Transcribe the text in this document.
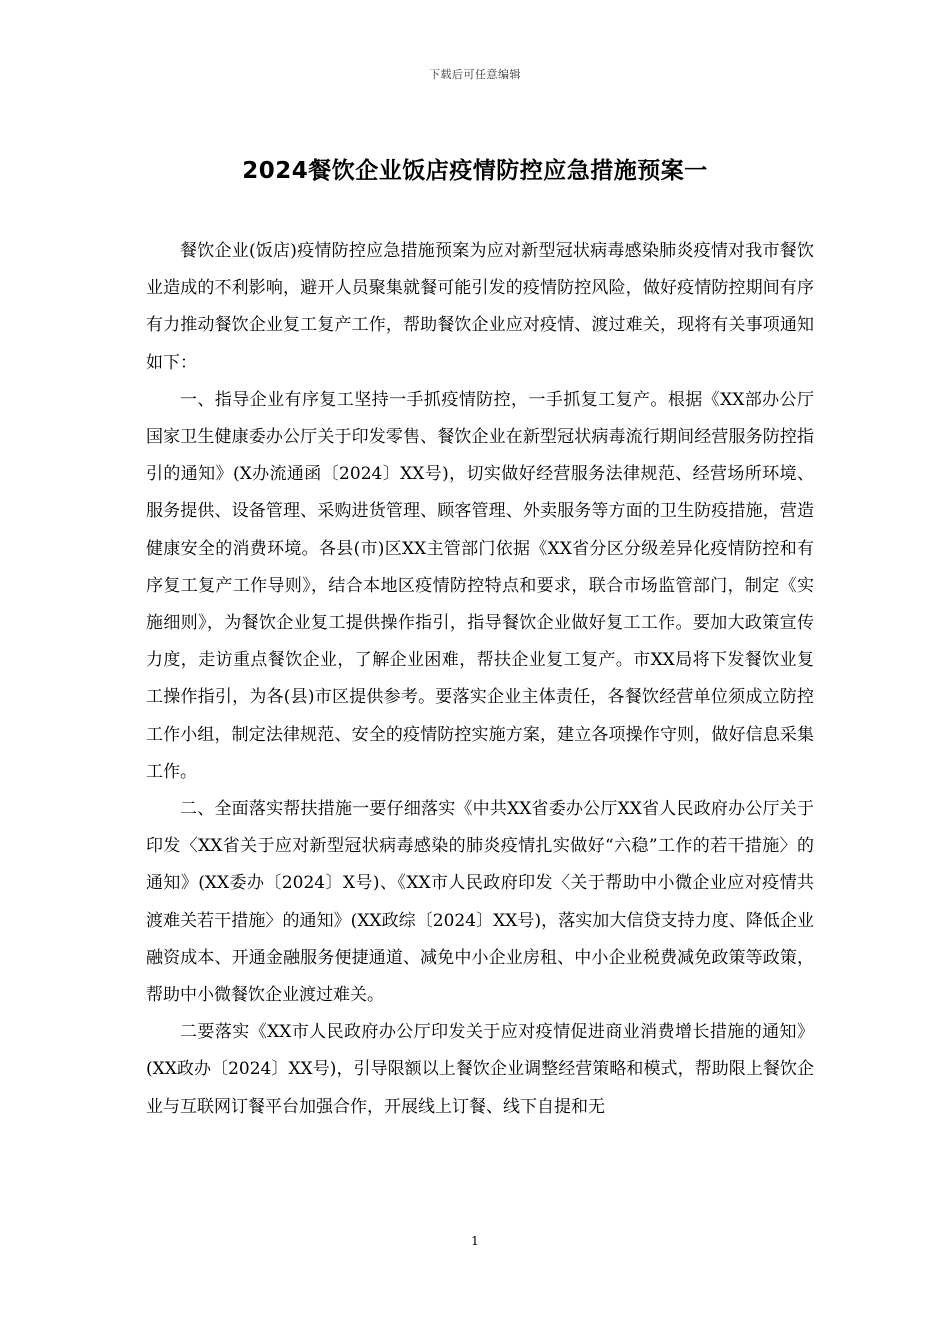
下载后可任意编辑
2024餐饮企业饭店疫情防控应急措施预案一

餐饮企业(饭店)疫情防控应急措施预案为应对新型冠状病毒感染肺炎疫情对我市餐饮业造成的不利影响，避开人员聚集就餐可能引发的疫情防控风险，做好疫情防控期间有序有力推动餐饮企业复工复产工作，帮助餐饮企业应对疫情、渡过难关，现将有关事项通知如下：

一、指导企业有序复工坚持一手抓疫情防控，一手抓复工复产。根据《XX部办公厅国家卫生健康委办公厅关于印发零售、餐饮企业在新型冠状病毒流行期间经营服务防控指引的通知》(X办流通函〔2024〕XX号)，切实做好经营服务法律规范、经营场所环境、服务提供、设备管理、采购进货管理、顾客管理、外卖服务等方面的卫生防疫措施，营造健康安全的消费环境。各县(市)区XX主管部门依据《XX省分区分级差异化疫情防控和有序复工复产工作导则》，结合本地区疫情防控特点和要求，联合市场监管部门，制定《实施细则》，为餐饮企业复工提供操作指引，指导餐饮企业做好复工工作。要加大政策宣传力度，走访重点餐饮企业，了解企业困难，帮扶企业复工复产。市XX局将下发餐饮业复工操作指引，为各(县)市区提供参考。要落实企业主体责任，各餐饮经营单位须成立防控工作小组，制定法律规范、安全的疫情防控实施方案，建立各项操作守则，做好信息采集工作。

二、全面落实帮扶措施一要仔细落实《中共XX省委办公厅XX省人民政府办公厅关于印发〈XX省关于应对新型冠状病毒感染的肺炎疫情扎实做好“六稳”工作的若干措施〉的通知》(XX委办〔2024〕X号)、《XX市人民政府印发〈关于帮助中小微企业应对疫情共渡难关若干措施〉的通知》(XX政综〔2024〕XX号)，落实加大信贷支持力度、降低企业融资成本、开通金融服务便捷通道、减免中小企业房租、中小企业税费减免政策等政策，帮助中小微餐饮企业渡过难关。

二要落实《XX市人民政府办公厅印发关于应对疫情促进商业消费增长措施的通知》(XX政办〔2024〕XX号)，引导限额以上餐饮企业调整经营策略和模式，帮助限上餐饮企业与互联网订餐平台加强合作，开展线上订餐、线下自提和无

1
